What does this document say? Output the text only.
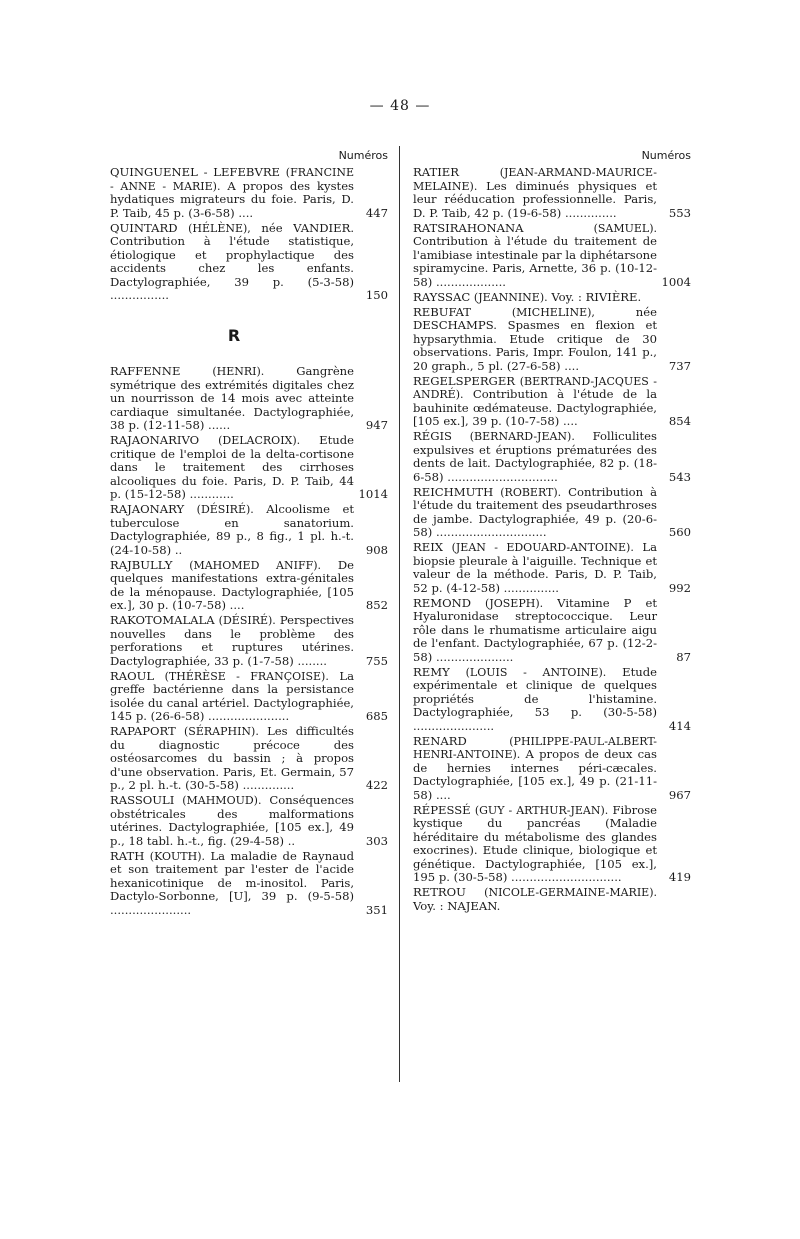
— 48 —
Numéros
QUINGUENEL - LEFEBVRE (FRANCINE - ANNE - MARIE). A propos des kystes hydatiques migrateurs du foie. Paris, D. P. Taib, 45 p. (3-6-58) ....	447
QUINTARD (HÉLÈNE), née VANDIER. Contribution à l'étude statistique, étiologique et prophylactique des accidents chez les enfants. Dactylographiée, 39 p. (5-3-58) ................	150
R
RAFFENNE	(HENRI).	Gangrène symétrique des extrémités digitales chez un nourrisson de 14 mois avec atteinte cardiaque simultanée. Dactylographiée, 38 p. (12-11-58) ......	947
RAJAONARIVO (DELACROIX). Etude critique de l'emploi de la delta-cortisone dans le traitement des cirrhoses alcooliques du foie. Paris, D. P. Taib, 44 p. (15-12-58) ............	1014
RAJAONARY (DÉSIRÉ). Alcoolisme et tuberculose en sanatorium. Dactylographiée, 89 p., 8 fig., 1 pl. h.-t. (24-10-58) ..	908
RAJBULLY (MAHOMED ANIFF). De quelques manifestations extra-génitales de la ménopause. Dactylographiée, [105 ex.], 30 p. (10-7-58) ....	852
RAKOTOMALALA (DÉSIRÉ). Perspectives nouvelles dans le problème des perforations et ruptures utérines. Dactylographiée, 33 p. (1-7-58) ........	755
RAOUL (THÉRÈSE - FRANÇOISE). La greffe bactérienne dans la persistance isolée du canal artériel. Dactylographiée, 145 p. (26-6-58) ......................	685
RAPAPORT (SÉRAPHIN). Les difficultés du diagnostic précoce des ostéosarcomes du bassin ; à propos d'une observation. Paris, Et. Germain, 57 p., 2 pl. h.-t. (30-5-58) ..............	422
RASSOULI (MAHMOUD). Conséquences obstétricales des malformations utérines. Dactylographiée, [105 ex.], 49 p., 18 tabl. h.-t., fig. (29-4-58) ..	303
RATH (KOUTH). La maladie de Raynaud et son traitement par l'ester de l'acide hexanicotinique de m-inositol. Paris, Dactylo-Sorbonne, [U], 39 p. (9-5-58) ......................	351
Numéros
RATIER	(JEAN-ARMAND-MAURICE-MELAINE). Les diminués physiques et leur rééducation professionnelle. Paris, D. P. Taib, 42 p. (19-6-58) ..............	553
RATSIRAHONANA	(SAMUEL). Contribution à l'étude du traitement de l'amibiase intestinale par la diphétarsone spiramycine. Paris, Arnette, 36 p. (10-12-58) ...................	1004
RAYSSAC (JEANNINE). Voy. : RIVIÈRE.
REBUFAT	(MICHELINE),	née DESCHAMPS. Spasmes en flexion et hypsarythmia. Etude critique de 30 observations. Paris, Impr. Foulon, 141 p., 20 graph., 5 pl. (27-6-58) ....	737
REGELSPERGER (BERTRAND-JACQUES - ANDRÉ). Contribution à l'étude de la bauhinite œdémateuse. Dactylographiée, [105 ex.], 39 p. (10-7-58) ....	854
RÉGIS (BERNARD-JEAN). Folliculites expulsives et éruptions prématurées des dents de lait. Dactylographiée, 82 p. (18-6-58) ..............................	543
REICHMUTH (ROBERT). Contribution à l'étude du traitement des pseudarthroses de jambe. Dactylographiée, 49 p. (20-6-58) ..............................	560
REIX (JEAN - EDOUARD-ANTOINE). La biopsie pleurale à l'aiguille. Technique et valeur de la méthode. Paris, D. P. Taib, 52 p. (4-12-58) ...............	992
REMOND (JOSEPH). Vitamine P et Hyaluronidase streptococcique. Leur rôle dans le rhumatisme articulaire aigu de l'enfant. Dactylographiée, 67 p. (12-2-58) .....................	87
REMY (LOUIS - ANTOINE). Etude expérimentale et clinique de quelques propriétés de l'histamine. Dactylographiée, 53 p. (30-5-58) ......................	414
RENARD	(PHILIPPE-PAUL-ALBERT-HENRI-ANTOINE). A propos de deux cas de hernies internes péri-cæcales. Dactylographiée, [105 ex.], 49 p. (21-11-58) ....	967
RÉPESSÉ (GUY - ARTHUR-JEAN). Fibrose kystique du pancréas (Maladie héréditaire du métabolisme des glandes exocrines). Etude clinique, biologique et génétique. Dactylographiée, [105 ex.], 195 p. (30-5-58) ..............................	419
RETROU (NICOLE-GERMAINE-MARIE). Voy. : NAJEAN.
